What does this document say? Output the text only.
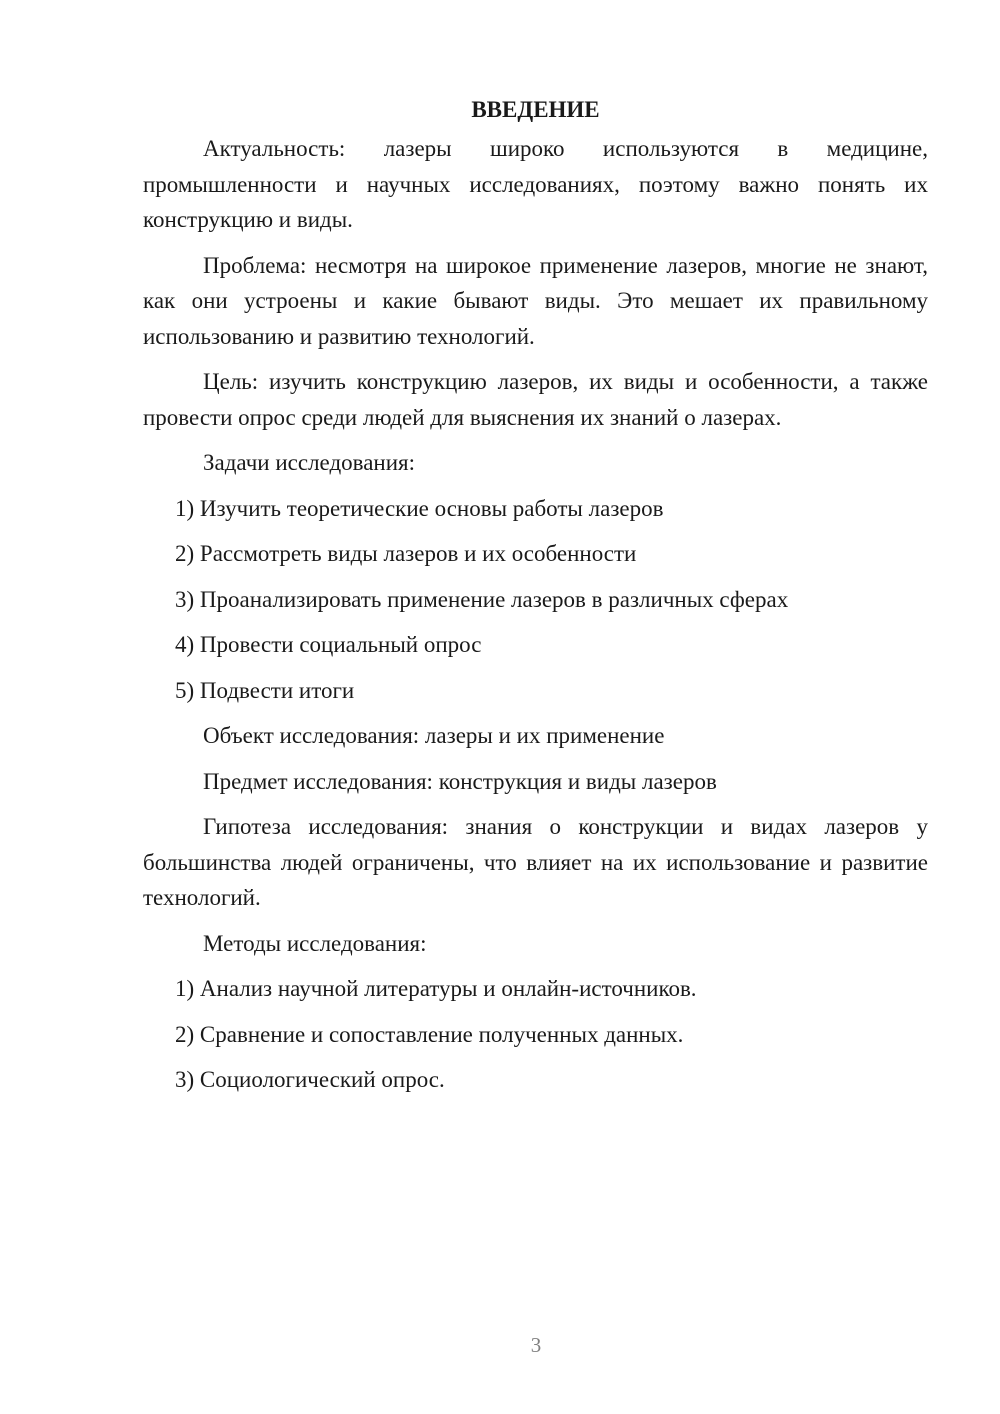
ВВЕДЕНИЕ

Актуальность: лазеры широко используются в медицине, промышленности и научных исследованиях, поэтому важно понять их конструкцию и виды.

Проблема: несмотря на широкое применение лазеров, многие не знают, как они устроены и какие бывают виды. Это мешает их правильному использованию и развитию технологий.

Цель: изучить конструкцию лазеров, их виды и особенности, а также провести опрос среди людей для выяснения их знаний о лазерах.

Задачи исследования:

1) Изучить теоретические основы работы лазеров
2) Рассмотреть виды лазеров и их особенности
3) Проанализировать применение лазеров в различных сферах
4) Провести социальный опрос
5) Подвести итоги

Объект исследования: лазеры и их применение

Предмет исследования: конструкция и виды лазеров

Гипотеза исследования: знания о конструкции и видах лазеров у большинства людей ограничены, что влияет на их использование и развитие технологий.

Методы исследования:

1) Анализ научной литературы и онлайн-источников.
2) Сравнение и сопоставление полученных данных.
3) Социологический опрос.
3
